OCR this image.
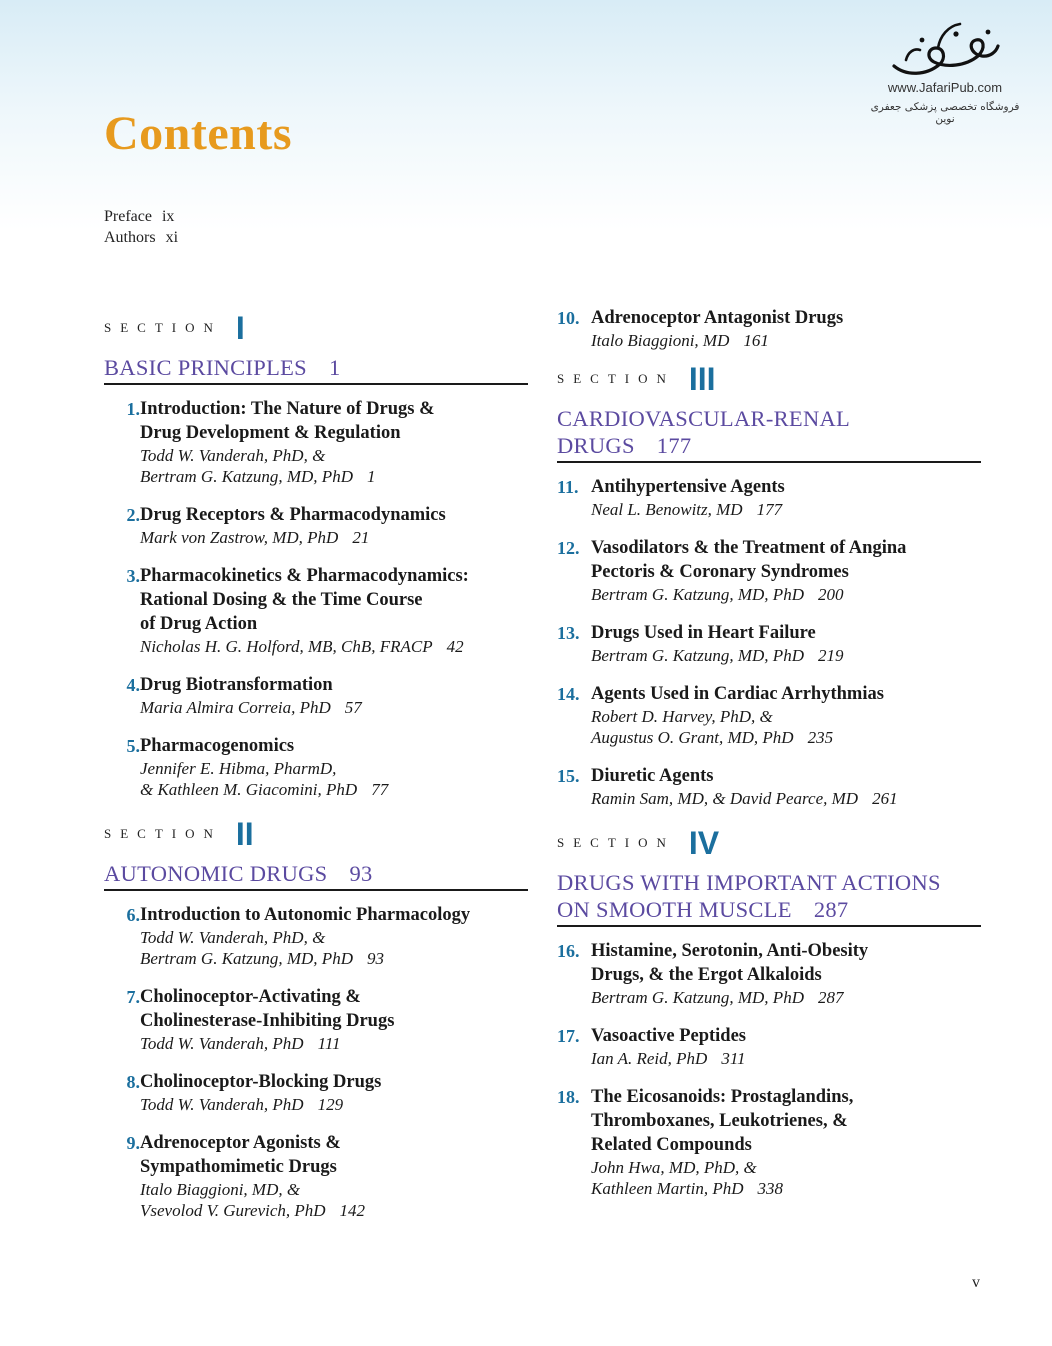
www.JafariPub.com
فروشگاه تخصصی پزشکی جعفری نوین
Contents
Preface ix
Authors xi
SECTION I
BASIC PRINCIPLES 1
1. Introduction: The Nature of Drugs &
Drug Development & Regulation
Todd W. Vanderah, PhD, &
Bertram G. Katzung, MD, PhD 1
2. Drug Receptors & Pharmacodynamics
Mark von Zastrow, MD, PhD 21
3. Pharmacokinetics & Pharmacodynamics:
Rational Dosing & the Time Course
of Drug Action
Nicholas H. G. Holford, MB, ChB, FRACP 42
4. Drug Biotransformation
Maria Almira Correia, PhD 57
5. Pharmacogenomics
Jennifer E. Hibma, PharmD,
& Kathleen M. Giacomini, PhD 77
SECTION II
AUTONOMIC DRUGS 93
6. Introduction to Autonomic Pharmacology
Todd W. Vanderah, PhD, &
Bertram G. Katzung, MD, PhD 93
7. Cholinoceptor-Activating &
Cholinesterase-Inhibiting Drugs
Todd W. Vanderah, PhD 111
8. Cholinoceptor-Blocking Drugs
Todd W. Vanderah, PhD 129
9. Adrenoceptor Agonists &
Sympathomimetic Drugs
Italo Biaggioni, MD, &
Vsevolod V. Gurevich, PhD 142
10. Adrenoceptor Antagonist Drugs
Italo Biaggioni, MD 161
SECTION III
CARDIOVASCULAR-RENAL
DRUGS 177
11. Antihypertensive Agents
Neal L. Benowitz, MD 177
12. Vasodilators & the Treatment of Angina
Pectoris & Coronary Syndromes
Bertram G. Katzung, MD, PhD 200
13. Drugs Used in Heart Failure
Bertram G. Katzung, MD, PhD 219
14. Agents Used in Cardiac Arrhythmias
Robert D. Harvey, PhD, &
Augustus O. Grant, MD, PhD 235
15. Diuretic Agents
Ramin Sam, MD, & David Pearce, MD 261
SECTION IV
DRUGS WITH IMPORTANT ACTIONS
ON SMOOTH MUSCLE 287
16. Histamine, Serotonin, Anti-Obesity
Drugs, & the Ergot Alkaloids
Bertram G. Katzung, MD, PhD 287
17. Vasoactive Peptides
Ian A. Reid, PhD 311
18. The Eicosanoids: Prostaglandins,
Thromboxanes, Leukotrienes, &
Related Compounds
John Hwa, MD, PhD, &
Kathleen Martin, PhD 338
v
